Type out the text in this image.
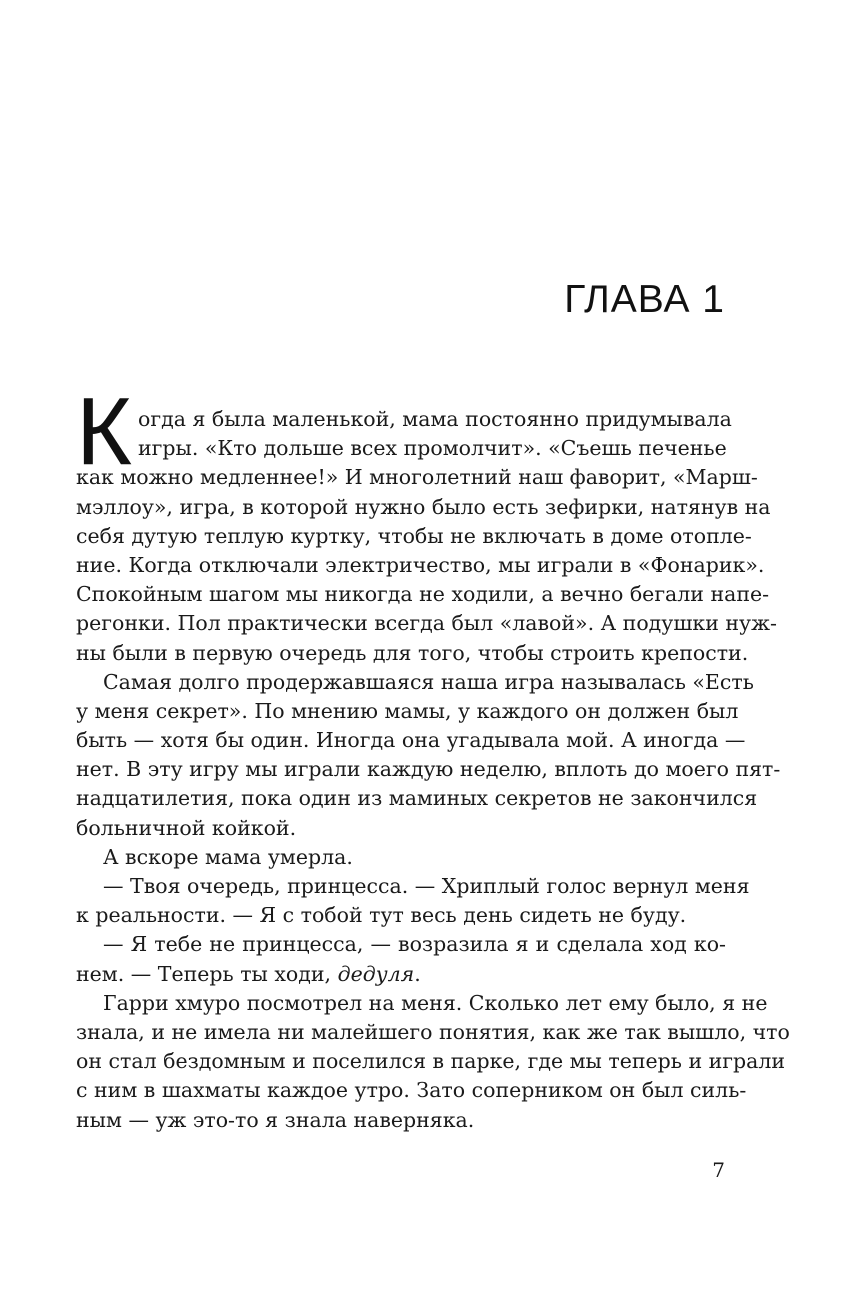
ГЛАВА 1
К огда я была маленькой, мама постоянно придумывала
игры. «Кто дольше всех промолчит». «Съешь печенье
как можно медленнее!» И многолетний наш фаворит, «Марш-
мэллоу», игра, в которой нужно было есть зефирки, натянув на
себя дутую теплую куртку, чтобы не включать в доме отопле-
ние. Когда отключали электричество, мы играли в «Фонарик».
Спокойным шагом мы никогда не ходили, а вечно бегали напе-
регонки. Пол практически всегда был «лавой». А подушки нуж-
ны были в первую очередь для того, чтобы строить крепости.
Самая долго продержавшаяся наша игра называлась «Есть
у меня секрет». По мнению мамы, у каждого он должен был
быть — хотя бы один. Иногда она угадывала мой. А иногда —
нет. В эту игру мы играли каждую неделю, вплоть до моего пят-
надцатилетия, пока один из маминых секретов не закончился
больничной койкой.
А вскоре мама умерла.
— Твоя очередь, принцесса. — Хриплый голос вернул меня
к реальности. — Я с тобой тут весь день сидеть не буду.
— Я тебе не принцесса, — возразила я и сделала ход ко-
нем. — Теперь ты ходи, дедуля.
Гарри хмуро посмотрел на меня. Сколько лет ему было, я не
знала, и не имела ни малейшего понятия, как же так вышло, что
он стал бездомным и поселился в парке, где мы теперь и играли
с ним в шахматы каждое утро. Зато соперником он был силь-
ным — уж это-то я знала наверняка.
7
